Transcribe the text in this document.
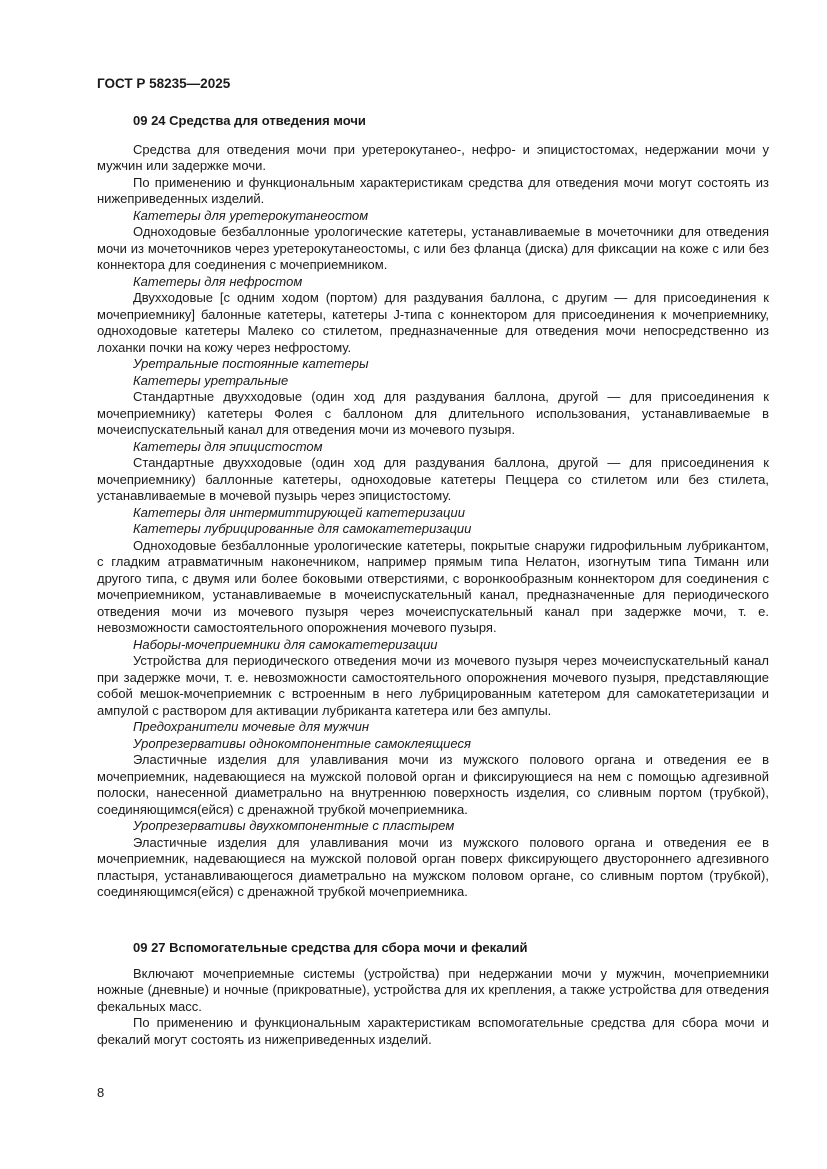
ГОСТ Р 58235—2025
09 24 Средства для отведения мочи

Средства для отведения мочи при уретерокутанео-, нефро- и эпицистостомах, недержании мочи у мужчин или задержке мочи.

По применению и функциональным характеристикам средства для отведения мочи могут состоять из нижеприведенных изделий.

Катетеры для уретерокутанеостом

Одноходовые безбаллонные урологические катетеры, устанавливаемые в мочеточники для отведения мочи из мочеточников через уретерокутанеостомы, с или без фланца (диска) для фиксации на коже с или без коннектора для соединения с мочеприемником.

Катетеры для нефростом

Двухходовые [с одним ходом (портом) для раздувания баллона, с другим — для присоединения к мочеприемнику] балонные катетеры, катетеры J-типа с коннектором для присоединения к мочеприемнику, одноходовые катетеры Малеко со стилетом, предназначенные для отведения мочи непосредственно из лоханки почки на кожу через нефростому.

Уретральные постоянные катетеры

Катетеры уретральные

Стандартные двухходовые (один ход для раздувания баллона, другой — для присоединения к мочеприемнику) катетеры Фолея с баллоном для длительного использования, устанавливаемые в мочеиспускательный канал для отведения мочи из мочевого пузыря.

Катетеры для эпицистостом

Стандартные двухходовые (один ход для раздувания баллона, другой — для присоединения к мочеприемнику) баллонные катетеры, одноходовые катетеры Пеццера со стилетом или без стилета, устанавливаемые в мочевой пузырь через эпицистостому.

Катетеры для интермиттирующей катетеризации

Катетеры лубрицированные для самокатетеризации

Одноходовые безбаллонные урологические катетеры, покрытые снаружи гидрофильным лубрикантом, с гладким атравматичным наконечником, например прямым типа Нелатон, изогнутым типа Тиманн или другого типа, с двумя или более боковыми отверстиями, с воронкообразным коннектором для соединения с мочеприемником, устанавливаемые в мочеиспускательный канал, предназначенные для периодического отведения мочи из мочевого пузыря через мочеиспускательный канал при задержке мочи, т. е. невозможности самостоятельного опорожнения мочевого пузыря.

Наборы-мочеприемники для самокатетеризации

Устройства для периодического отведения мочи из мочевого пузыря через мочеиспускательный канал при задержке мочи, т. е. невозможности самостоятельного опорожнения мочевого пузыря, представляющие собой мешок-мочеприемник с встроенным в него лубрицированным катетером для самокатетеризации и ампулой с раствором для активации лубриканта катетера или без ампулы.

Предохранители мочевые для мужчин

Уропрезервативы однокомпонентные самоклеящиеся

Эластичные изделия для улавливания мочи из мужского полового органа и отведения ее в мочеприемник, надевающиеся на мужской половой орган и фиксирующиеся на нем с помощью адгезивной полоски, нанесенной диаметрально на внутреннюю поверхность изделия, со сливным портом (трубкой), соединяющимся(ейся) с дренажной трубкой мочеприемника.

Уропрезервативы двухкомпонентные с пластырем

Эластичные изделия для улавливания мочи из мужского полового органа и отведения ее в мочеприемник, надевающиеся на мужской половой орган поверх фиксирующего двустороннего адгезивного пластыря, устанавливающегося диаметрально на мужском половом органе, со сливным портом (трубкой), соединяющимся(ейся) с дренажной трубкой мочеприемника.

09 27 Вспомогательные средства для сбора мочи и фекалий

Включают мочеприемные системы (устройства) при недержании мочи у мужчин, мочеприемники ножные (дневные) и ночные (прикроватные), устройства для их крепления, а также устройства для отведения фекальных масс.

По применению и функциональным характеристикам вспомогательные средства для сбора мочи и фекалий могут состоять из нижеприведенных изделий.

8
